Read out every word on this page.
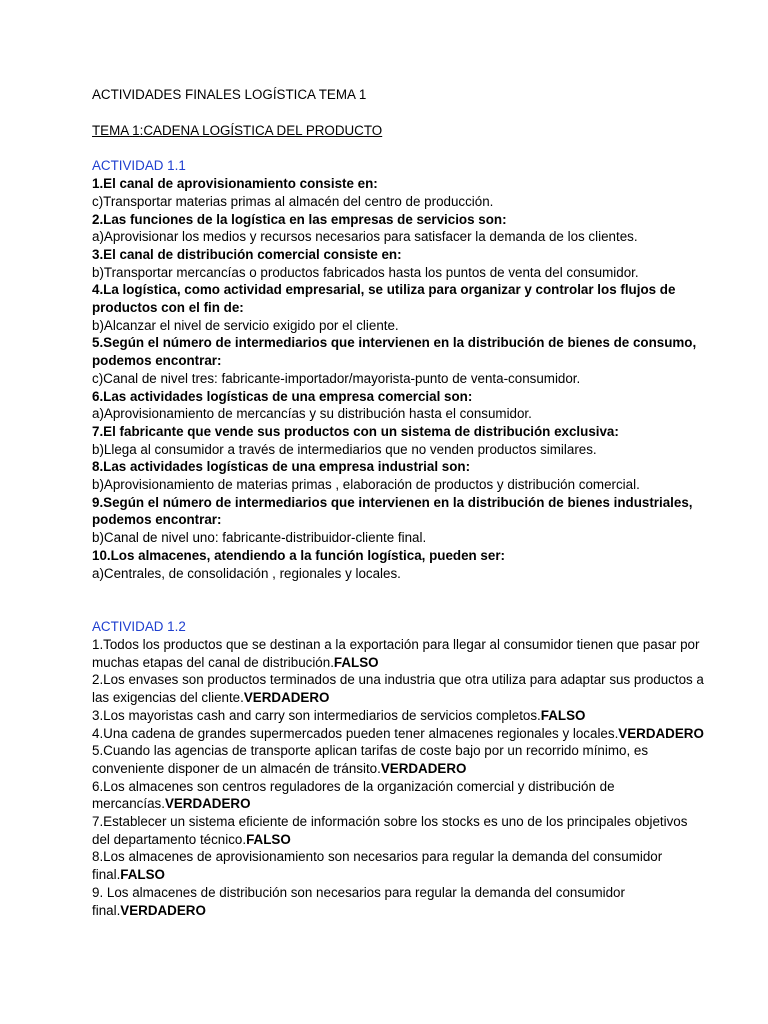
ACTIVIDADES FINALES LOGÍSTICA TEMA 1

TEMA 1:CADENA LOGÍSTICA DEL PRODUCTO

ACTIVIDAD 1.1

1.El canal de aprovisionamiento consiste en:

c)Transportar materias primas al almacén del centro de producción.

2.Las funciones de la logística en las empresas de servicios son:

a)Aprovisionar los medios y recursos necesarios para satisfacer la demanda de los clientes.

3.El canal de distribución comercial consiste en:

b)Transportar mercancías o productos fabricados hasta los puntos de venta del consumidor.

4.La logística, como actividad empresarial, se utiliza para organizar y controlar los flujos de productos con el fin de:

b)Alcanzar el nivel de servicio exigido por el cliente.

5.Según el número de intermediarios que intervienen en la distribución de bienes de consumo, podemos encontrar:

c)Canal de nivel tres: fabricante-importador/mayorista-punto de venta-consumidor.

6.Las actividades logísticas de una empresa comercial son:

a)Aprovisionamiento de mercancías y su distribución hasta el consumidor.

7.El fabricante que vende sus productos con un sistema de distribución exclusiva:

b)Llega al consumidor a través de intermediarios que no venden productos similares.

8.Las actividades logísticas de una empresa industrial son:

b)Aprovisionamiento de materias primas , elaboración de productos y distribución comercial.

9.Según el número de intermediarios que intervienen en la distribución de bienes industriales, podemos encontrar:

b)Canal de nivel uno: fabricante-distribuidor-cliente final.

10.Los almacenes, atendiendo a la función logística, pueden ser:

a)Centrales, de consolidación , regionales y locales.

ACTIVIDAD 1.2

1.Todos los productos que se destinan a la exportación para llegar al consumidor tienen que pasar por muchas etapas del canal de distribución.FALSO

2.Los envases son productos terminados de una industria que otra utiliza para adaptar sus productos a las exigencias del cliente.VERDADERO

3.Los mayoristas cash and carry son intermediarios de servicios completos.FALSO

4.Una cadena de grandes supermercados pueden tener almacenes regionales y locales.VERDADERO

5.Cuando las agencias de transporte aplican tarifas de coste bajo por un recorrido mínimo, es conveniente disponer de un almacén de tránsito.VERDADERO

6.Los almacenes son centros reguladores de la organización comercial y distribución de mercancías.VERDADERO

7.Establecer un sistema eficiente de información sobre los stocks es uno de los principales objetivos del departamento técnico.FALSO

8.Los almacenes de aprovisionamiento son necesarios para regular la demanda del consumidor final.FALSO

9. Los almacenes de distribución son necesarios para regular la demanda del consumidor final.VERDADERO
